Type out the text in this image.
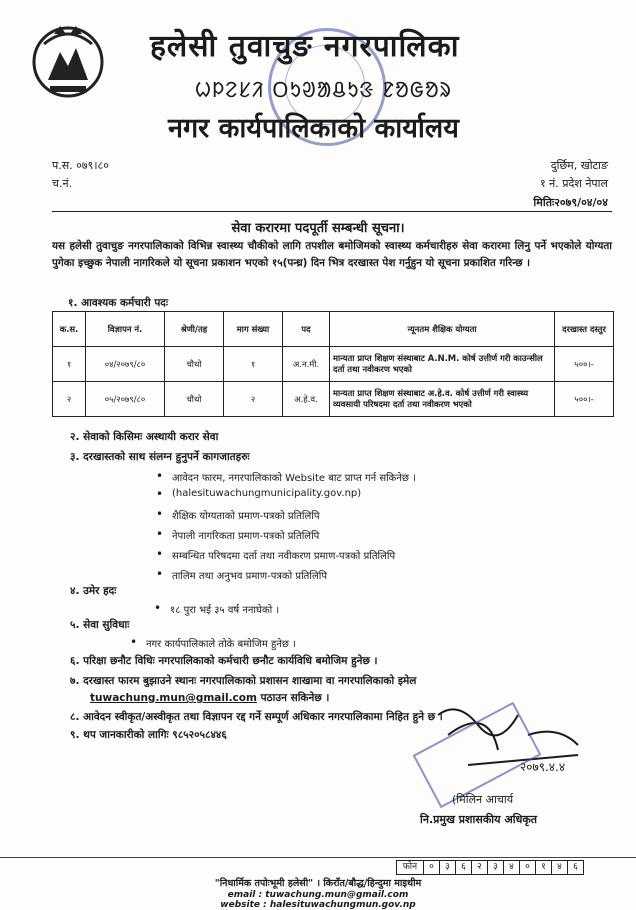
हलेसी तुवाचुङ नगरपालिका
ᱦᱞᱮᱥᱤ ᱛᱩᱣᱟᱪᱩᱝ ᱱᱚᱜᱚᱨ
नगर कार्यपालिकाको कार्यालय
प.स. ०७९।८०
च.नं.
दुर्छिम, खोटाङ
१ नं. प्रदेश नेपाल
मितिः२०७९/०४/०४
सेवा करारमा पदपूर्ती सम्बन्धी सूचना।
यस हलेसी तुवाचुङ नगरपालिकाको विभिन्न स्वास्थ्य चौकीको लागि तपशील बमोजिमको स्वास्थ्य कर्मचारीहरु सेवा करारमा लिनु पर्ने भएकोले योग्यता पुगेका इच्छुक नेपाली नागरिकले यो सूचना प्रकाशन भएको १५(पन्ध्र) दिन भित्र दरखास्त पेश गर्नुहुन यो सूचना प्रकाशित गरिन्छ ।
१. आवश्यक कर्मचारी पदः
क.स.	विज्ञापन नं.	श्रेणी/तह	माग संख्या	पद	न्यूनतम शैक्षिक योग्यता	दरखास्त दस्तुर
१	०४/२०७९/८०	चौथो	१	अ.न.मी.	मान्यता प्राप्त शिक्षण संस्थाबाट A.N.M. कोर्ष उत्तीर्ण गरी काउन्सील दर्ता तथा नवीकरण भएको	५००।-
२	०५/२०७९/८०	चौथो	२	अ.हे.व.	मान्यता प्राप्त शिक्षण संस्थाबाट अ.हे.व. कोर्ष उत्तीर्ण गरी स्वास्थ्य व्यवसायी परिषदमा दर्ता तथा नवीकरण भएको	५००।-
२. सेवाको किसिमः अस्थायी करार सेवा
३. दरखास्तको साथ संलग्न हुनुपर्ने कागजातहरुः
• आवेदन फारम, नगरपालिकाको Website बाट प्राप्त गर्न सकिनेछ ।
• (halesituwachungmunicipality.gov.np)
• शैक्षिक योग्यताको प्रमाण-पत्रको प्रतिलिपि
• नेपाली नागरिकता प्रमाण-पत्रको प्रतिलिपि
• सम्बन्धित परिषदमा दर्ता तथा नवीकरण प्रमाण-पत्रको प्रतिलिपि
• तालिम तथा अनुभव प्रमाण-पत्रको प्रतिलिपि
४. उमेर हदः
• १८ पुरा भई ३५ वर्ष ननाघेको ।
५. सेवा सुविधाः
• नगर कार्यपालिकाले तोके बमोजिम हुनेछ ।
६. परिक्षा छनौट विधिः नगरपालिकाको कर्मचारी छनौट कार्यविधि बमोजिम हुनेछ ।
७. दरखास्त फारम बुझाउने स्थानः नगरपालिकाको प्रशासन शाखामा वा नगरपालिकाको इमेल
tuwachung.mun@gmail.com पठाउन सकिनेछ ।
८. आवेदन स्वीकृत/अस्वीकृत तथा विज्ञापन रद्द गर्ने सम्पूर्ण अधिकार नगरपालिकामा निहित हुने छ ।
९. थप जानकारीको लागिः ९८५२०५८४४६
२०७९.४.४
(मिलिन आचार्य
नि.प्रमुख प्रशासकीय अधिकृत
फोन	०	३	६	२	३	४	०	१	४	६
"निधार्मिक तपोःभूमी हलेसी" । किराँत/बौद्ध/हिन्दुमा माइथीम
email : tuwachung.mun@gmail.com
website : halesituwachungmun.gov.np
